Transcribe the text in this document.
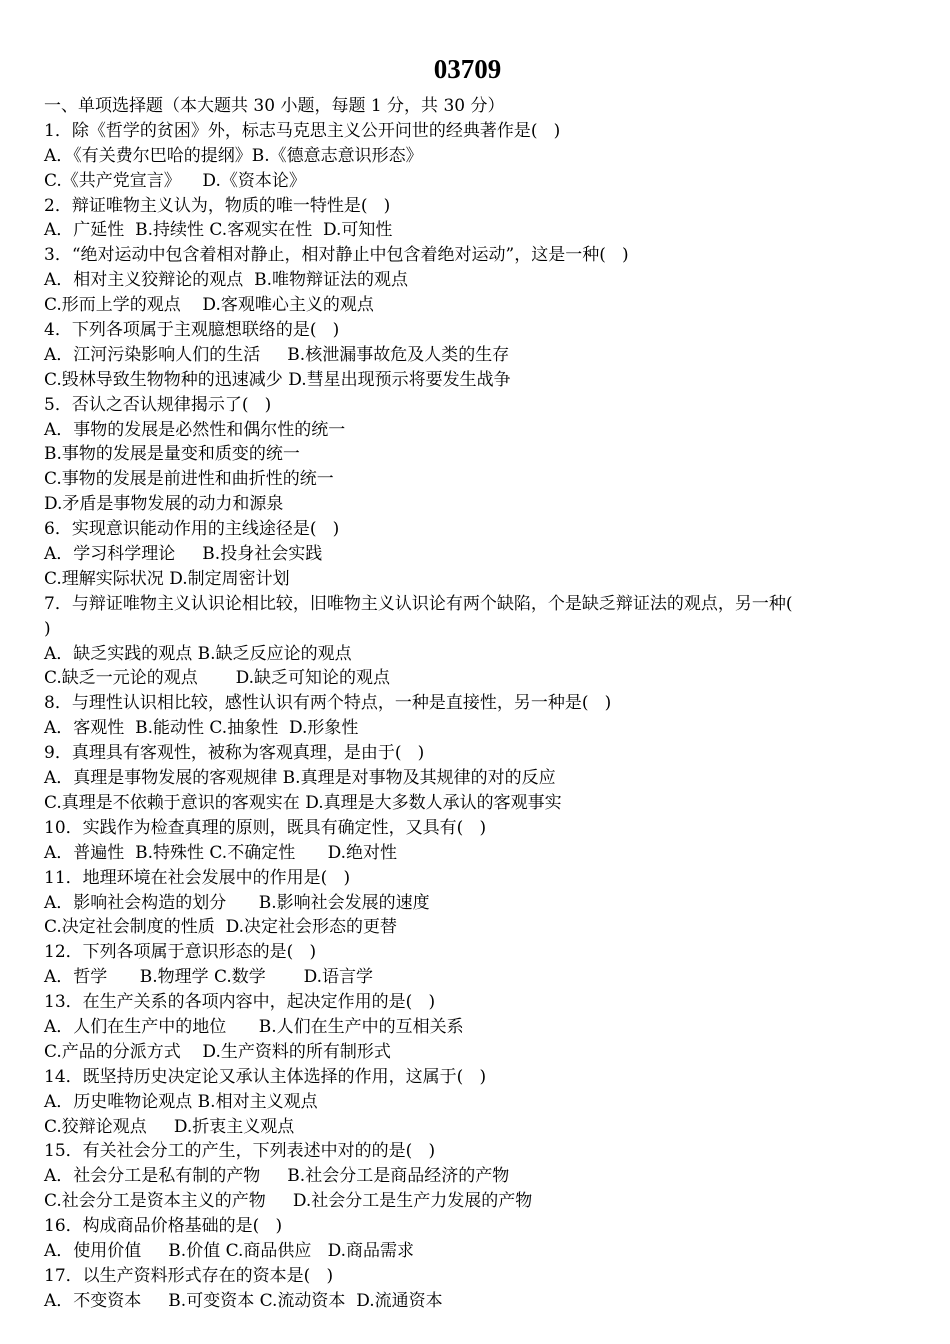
03709
一、单项选择题（本大题共 30 小题，每题 1 分，共 30 分）
1．除《哲学的贫困》外，标志马克思主义公开问世的经典著作是(   )
A．《有关费尔巴哈的提纲》B.《德意志意识形态》
C.《共产党宣言》    D.《资本论》
2．辩证唯物主义认为，物质的唯一特性是(   )
A．广延性  B.持续性 C.客观实在性  D.可知性
3．“绝对运动中包含着相对静止，相对静止中包含着绝对运动”，这是一种(   )
A．相对主义狡辩论的观点  B.唯物辩证法的观点
C.形而上学的观点    D.客观唯心主义的观点
4．下列各项属于主观臆想联络的是(   )
A．江河污染影响人们的生活     B.核泄漏事故危及人类的生存
C.毁林导致生物物种的迅速减少 D.彗星出现预示将要发生战争
5．否认之否认规律揭示了(   )
A．事物的发展是必然性和偶尔性的统一
B.事物的发展是量变和质变的统一
C.事物的发展是前进性和曲折性的统一
D.矛盾是事物发展的动力和源泉
6．实现意识能动作用的主线途径是(   )
A．学习科学理论     B.投身社会实践
C.理解实际状况 D.制定周密计划
7．与辩证唯物主义认识论相比较，旧唯物主义认识论有两个缺陷，个是缺乏辩证法的观点，另一种(
)
A．缺乏实践的观点 B.缺乏反应论的观点
C.缺乏一元论的观点       D.缺乏可知论的观点
8．与理性认识相比较，感性认识有两个特点，一种是直接性，另一种是(   )
A．客观性  B.能动性 C.抽象性  D.形象性
9．真理具有客观性，被称为客观真理，是由于(   )
A．真理是事物发展的客观规律 B.真理是对事物及其规律的对的反应
C.真理是不依赖于意识的客观实在 D.真理是大多数人承认的客观事实
10．实践作为检查真理的原则，既具有确定性，又具有(   )
A．普遍性  B.特殊性 C.不确定性      D.绝对性
11．地理环境在社会发展中的作用是(   )
A．影响社会构造的划分      B.影响社会发展的速度
C.决定社会制度的性质  D.决定社会形态的更替
12．下列各项属于意识形态的是(   )
A．哲学      B.物理学 C.数学       D.语言学
13．在生产关系的各项内容中，起决定作用的是(   )
A．人们在生产中的地位      B.人们在生产中的互相关系
C.产品的分派方式    D.生产资料的所有制形式
14．既坚持历史决定论又承认主体选择的作用，这属于(   )
A．历史唯物论观点 B.相对主义观点
C.狡辩论观点     D.折衷主义观点
15．有关社会分工的产生，下列表述中对的的是(   )
A．社会分工是私有制的产物     B.社会分工是商品经济的产物
C.社会分工是资本主义的产物     D.社会分工是生产力发展的产物
16．构成商品价格基础的是(   )
A．使用价值     B.价值 C.商品供应   D.商品需求
17．以生产资料形式存在的资本是(   )
A．不变资本     B.可变资本 C.流动资本  D.流通资本
